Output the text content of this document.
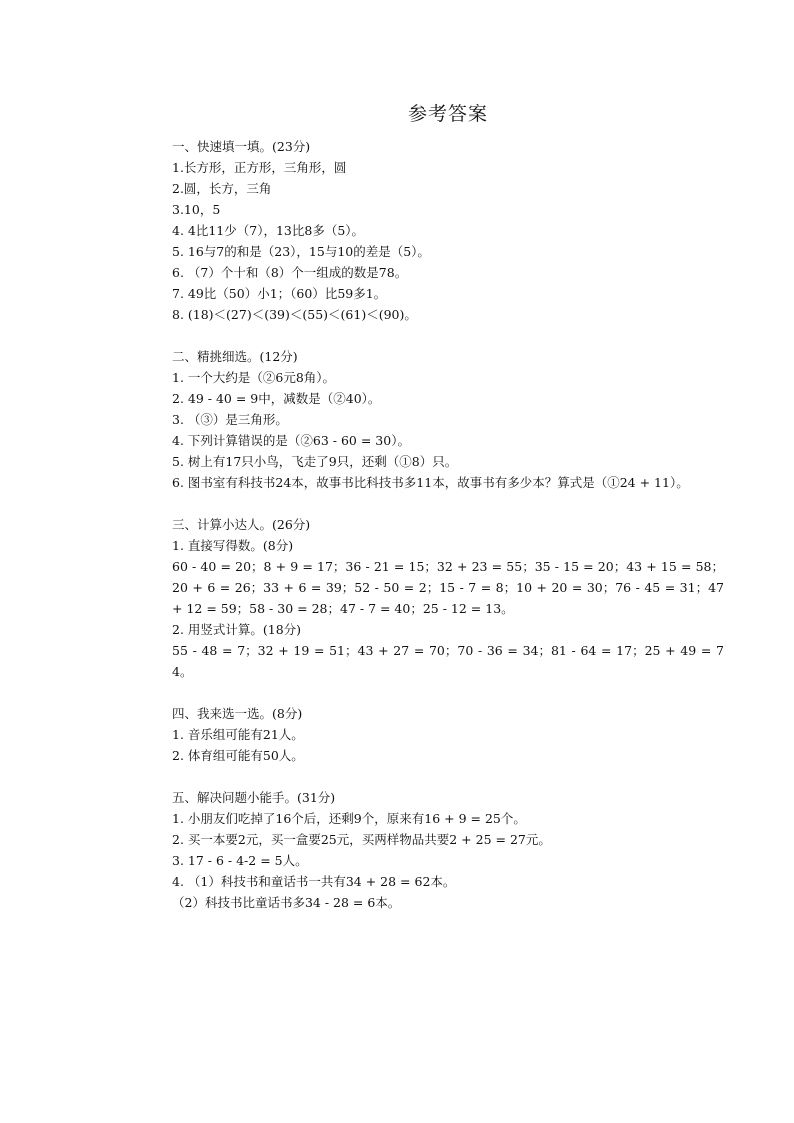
参考答案
一、快速填一填。(23分)
1.长方形，正方形，三角形，圆
2.圆，长方，三角
3.10，5
4. 4比11少（7），13比8多（5）。
5. 16与7的和是（23），15与10的差是（5）。
6. （7）个十和（8）个一组成的数是78。
7. 49比（50）小1；（60）比59多1。
8. (18)＜(27)＜(39)＜(55)＜(61)＜(90)。
二、精挑细选。(12分)
1. 一个大约是（②6元8角）。
2. 49 - 40 = 9中，减数是（②40）。
3. （③）是三角形。
4. 下列计算错误的是（②63 - 60 = 30）。
5. 树上有17只小鸟，飞走了9只，还剩（①8）只。
6. 图书室有科技书24本，故事书比科技书多11本，故事书有多少本？算式是（①24 + 11）。
三、计算小达人。(26分)
1. 直接写得数。(8分)
60 - 40 = 20；8 + 9 = 17；36 - 21 = 15；32 + 23 = 55；35 - 15 = 20；43 + 15 = 58；20 + 6 = 26；33 + 6 = 39；52 - 50 = 2；15 - 7 = 8；10 + 20 = 30；76 - 45 = 31；47 + 12 = 59；58 - 30 = 28；47 - 7 = 40；25 - 12 = 13。
2. 用竖式计算。(18分)
55 - 48 = 7；32 + 19 = 51；43 + 27 = 70；70 - 36 = 34；81 - 64 = 17；25 + 49 = 74。
四、我来选一选。(8分)
1. 音乐组可能有21人。
2. 体育组可能有50人。
五、解决问题小能手。(31分)
1. 小朋友们吃掉了16个后，还剩9个，原来有16 + 9 = 25个。
2. 买一本要2元，买一盒要25元，买两样物品共要2 + 25 = 27元。
3. 17 - 6 - 4-2 = 5人。
4. （1）科技书和童话书一共有34 + 28 = 62本。
（2）科技书比童话书多34 - 28 = 6本。
